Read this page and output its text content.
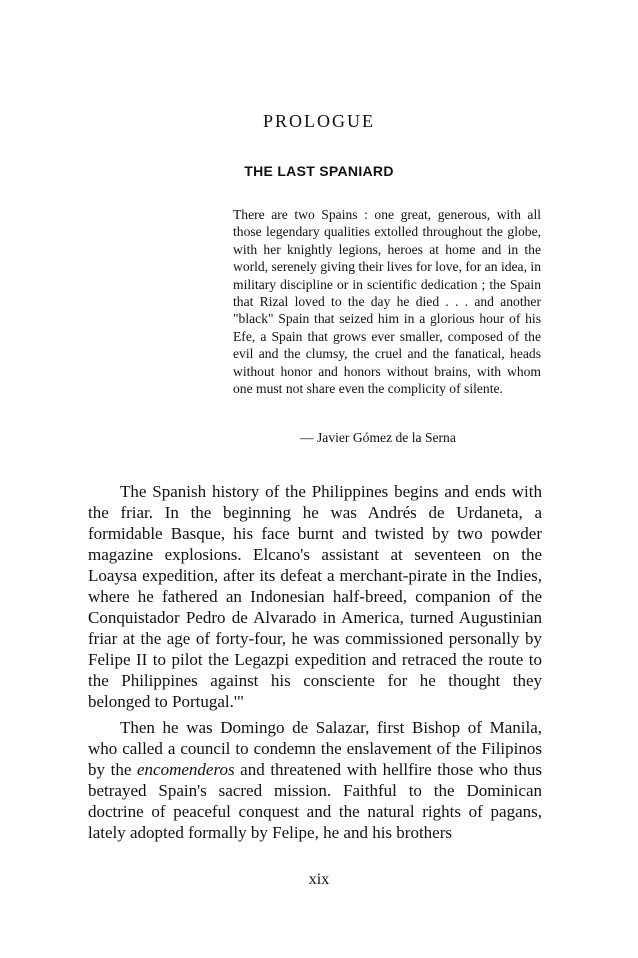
PROLOGUE
THE LAST SPANIARD

There are two Spains : one great, generous, with all those legendary qualities extolled throughout the globe, with her knightly legions, heroes at home and in the world, serenely giving their lives for love, for an idea, in military discipline or in scientific dedication ; the Spain that Rizal loved to the day he died . . . and another "black" Spain that seized him in a glorious hour of his Efe, a Spain that grows ever smaller, composed of the evil and the clumsy, the cruel and the fanatical, heads without honor and honors without brains, with whom one must not share even the complicity of silente.

— Javier Gómez de la Serna

The Spanish history of the Philippines begins and ends with the friar. In the beginning he was Andrés de Urdaneta, a formidable Basque, his face burnt and twisted by two powder magazine explosions. Elcano's assistant at seventeen on the Loaysa expedition, after its defeat a merchant-pirate in the Indies, where he fathered an Indonesian half-breed, companion of the Conquistador Pedro de Alvarado in America, turned Augustinian friar at the age of forty-four, he was commissioned personally by Felipe II to pilot the Legazpi expedition and retraced the route to the Philippines against his consciente for he thought they belonged to Portugal.'"

Then he was Domingo de Salazar, first Bishop of Manila, who called a council to condemn the enslavement of the Filipinos by the encomenderos and threatened with hellfire those who thus betrayed Spain's sacred mission. Faithful to the Dominican doctrine of peaceful conquest and the natural rights of pagans, lately adopted formally by Felipe, he and his brothers

xix
